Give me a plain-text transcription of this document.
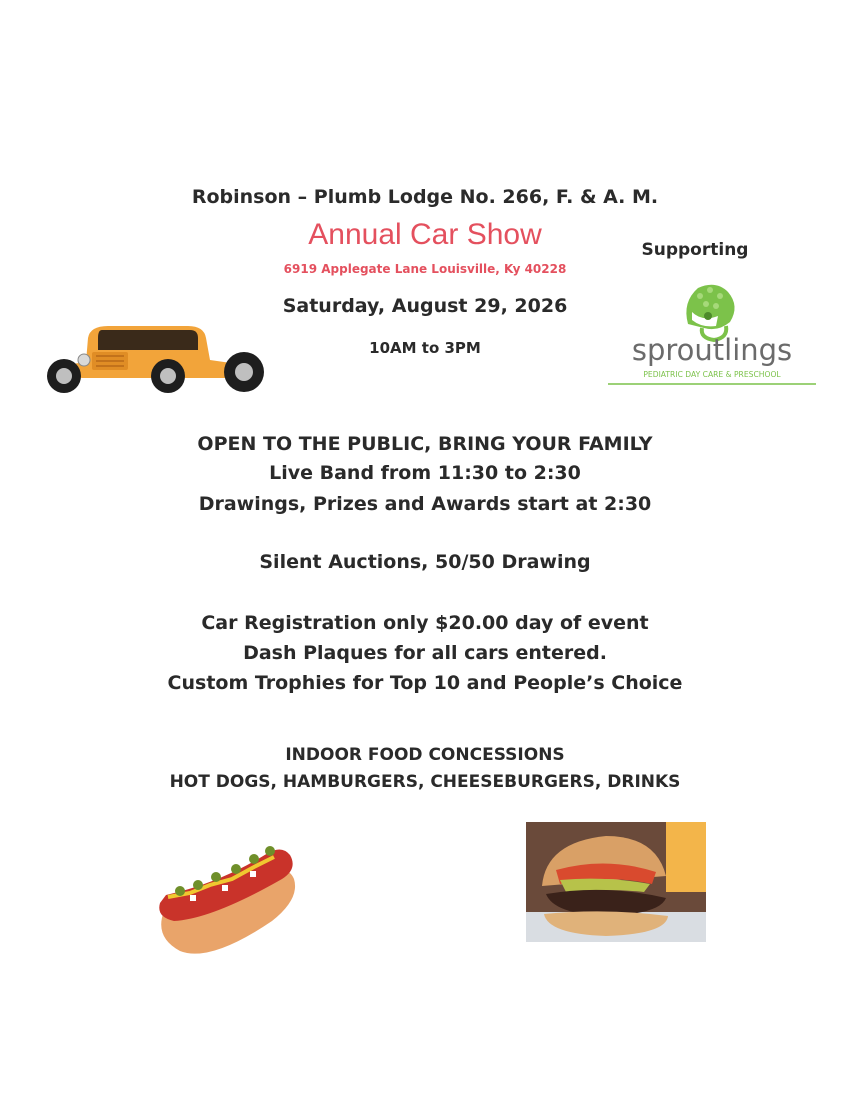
Robinson – Plumb Lodge No. 266, F. & A. M.
Annual Car Show
6919 Applegate Lane Louisville, Ky 40228
Saturday, August 29, 2026
10AM to 3PM
Supporting
sproutlings
PEDIATRIC DAY CARE & PRESCHOOL
OPEN TO THE PUBLIC, BRING YOUR FAMILY
Live Band from 11:30 to 2:30
Drawings, Prizes and Awards start at 2:30
Silent Auctions, 50/50 Drawing
Car Registration only $20.00 day of event
Dash Plaques for all cars entered.
Custom Trophies for Top 10 and People’s Choice
INDOOR FOOD CONCESSIONS
HOT DOGS, HAMBURGERS, CHEESEBURGERS, DRINKS
